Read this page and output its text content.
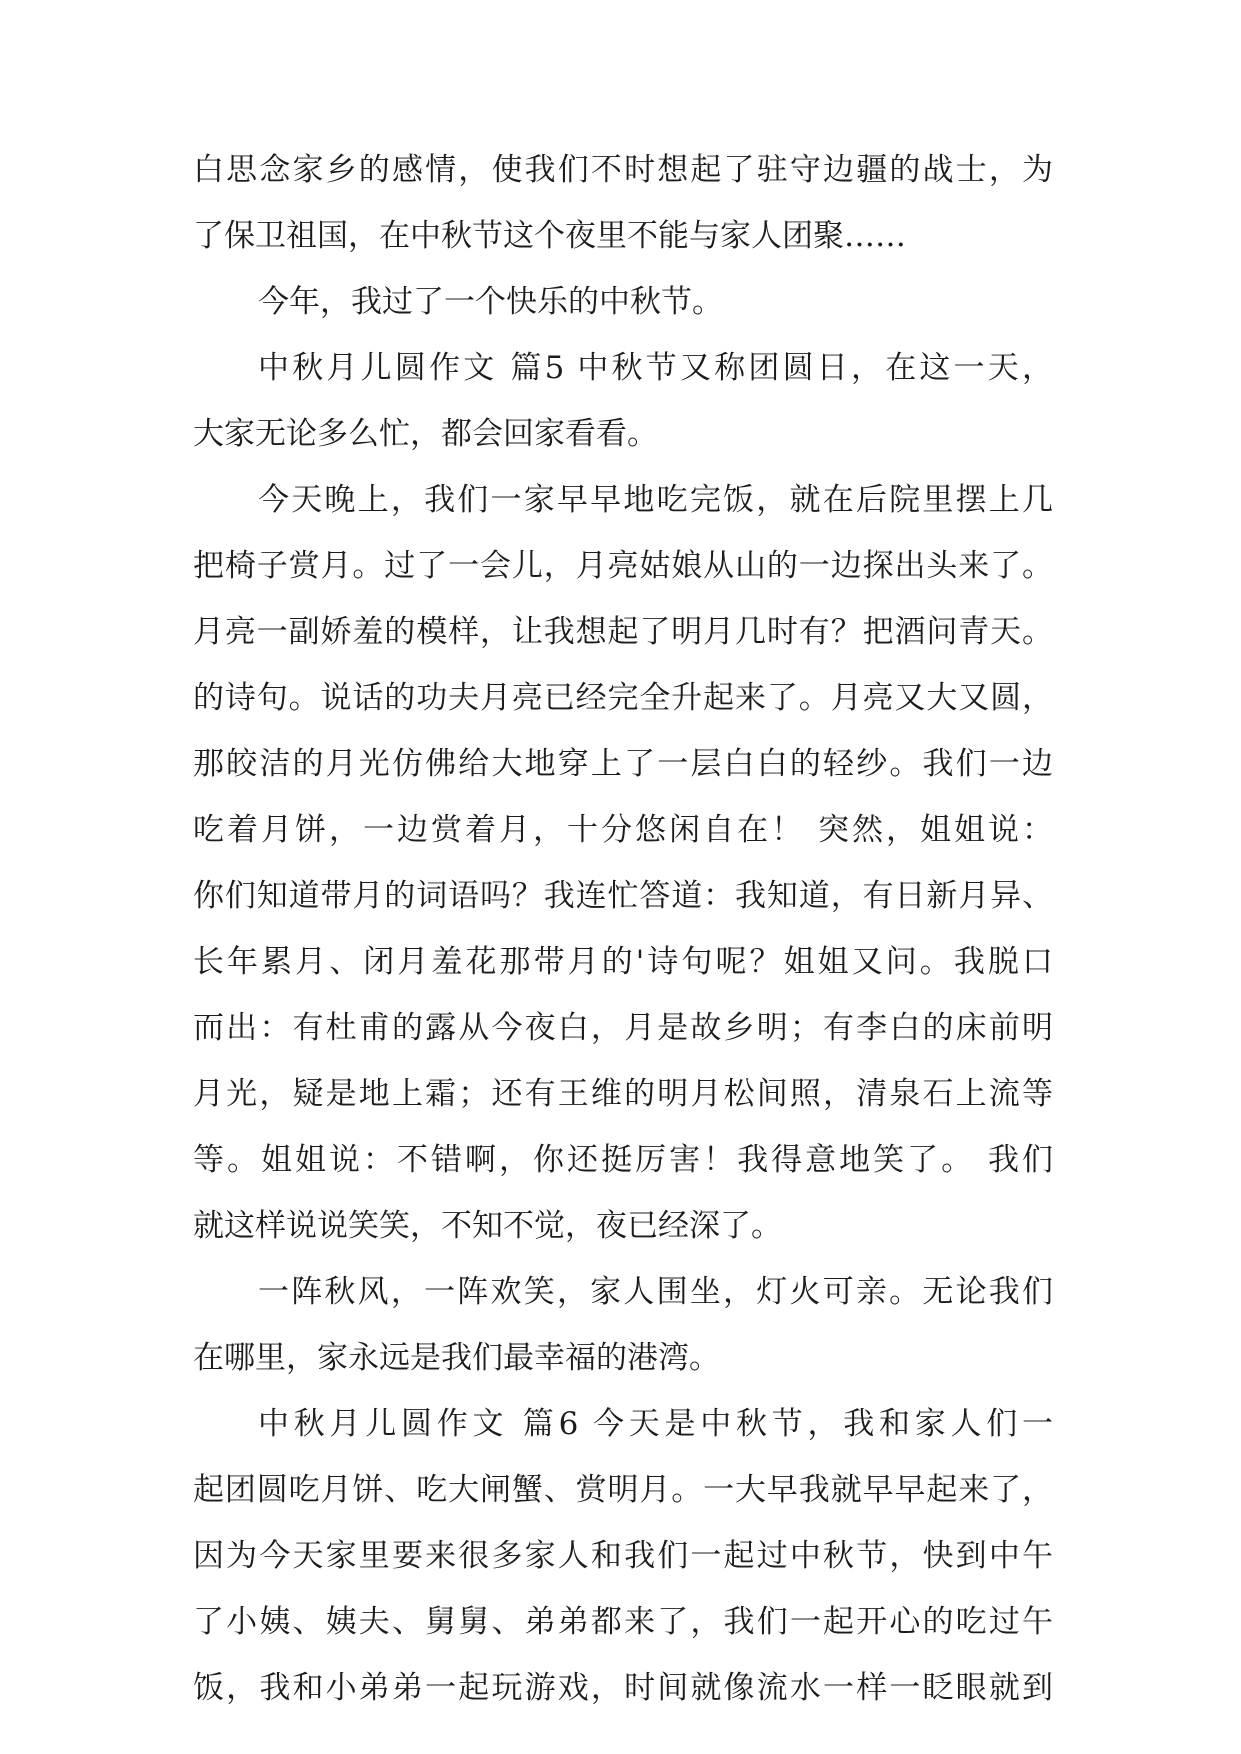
白思念家乡的感情，使我们不时想起了驻守边疆的战士，为
了保卫祖国，在中秋节这个夜里不能与家人团聚……
今年，我过了一个快乐的中秋节。
中秋月儿圆作文 篇5 中秋节又称团圆日，在这一天，
大家无论多么忙，都会回家看看。
今天晚上，我们一家早早地吃完饭，就在后院里摆上几
把椅子赏月。过了一会儿，月亮姑娘从山的一边探出头来了。
月亮一副娇羞的模样，让我想起了明月几时有？把酒问青天。
的诗句。说话的功夫月亮已经完全升起来了。月亮又大又圆，
那皎洁的月光仿佛给大地穿上了一层白白的轻纱。我们一边
吃着月饼，一边赏着月，十分悠闲自在！ 突然，姐姐说：
你们知道带月的词语吗？我连忙答道：我知道，有日新月异、
长年累月、闭月羞花那带月的'诗句呢？姐姐又问。我脱口
而出：有杜甫的露从今夜白，月是故乡明；有李白的床前明
月光，疑是地上霜；还有王维的明月松间照，清泉石上流等
等。姐姐说：不错啊，你还挺厉害！我得意地笑了。 我们
就这样说说笑笑，不知不觉，夜已经深了。
一阵秋风，一阵欢笑，家人围坐，灯火可亲。无论我们
在哪里，家永远是我们最幸福的港湾。
中秋月儿圆作文 篇6 今天是中秋节，我和家人们一
起团圆吃月饼、吃大闸蟹、赏明月。一大早我就早早起来了，
因为今天家里要来很多家人和我们一起过中秋节，快到中午
了小姨、姨夫、舅舅、弟弟都来了，我们一起开心的吃过午
饭，我和小弟弟一起玩游戏，时间就像流水一样一眨眼就到
